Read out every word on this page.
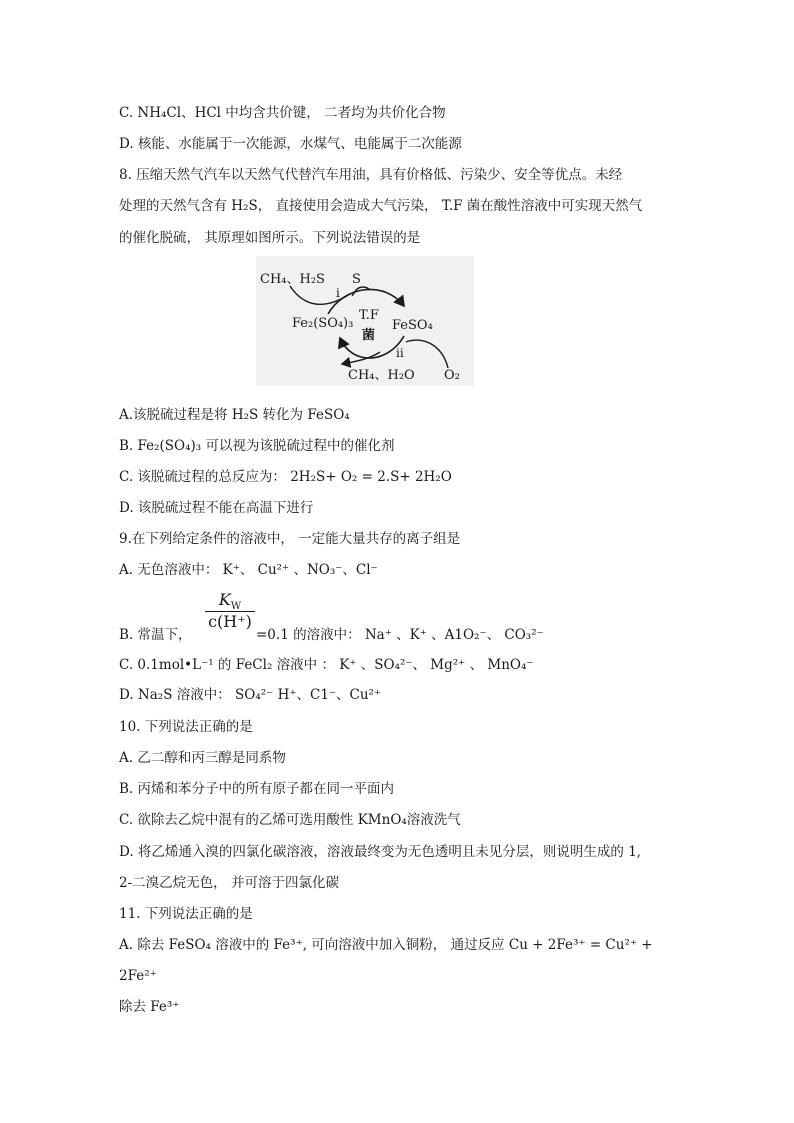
C. NH₄Cl、HCl 中均含共价键， 二者均为共价化合物
D. 核能、水能属于一次能源，水煤气、电能属于二次能源
8. 压缩天然气汽车以天然气代替汽车用油，具有价格低、污染少、安全等优点。未经
处理的天然气含有 H₂S， 直接使用会造成大气污染， T.F 菌在酸性溶液中可实现天然气
的催化脱硫， 其原理如图所示。下列说法错误的是
CH₄、H₂S S
i
Fe₂(SO₄)₃
T.F
菌
FeSO₄
ii
CH₄、H₂O O₂
A.该脱硫过程是将 H₂S 转化为 FeSO₄
B. Fe₂(SO₄)₃ 可以视为该脱硫过程中的催化剂
C. 该脱硫过程的总反应为： 2H₂S+ O₂ = 2.S+ 2H₂O
D. 该脱硫过程不能在高温下进行
9.在下列给定条件的溶液中， 一定能大量共存的离子组是
A. 无色溶液中： K⁺、 Cu²⁺ 、NO₃⁻、Cl⁻
$K_W$
c(H⁺)
B. 常温下，	=0.1 的溶液中： Na⁺ 、K⁺ 、A1O₂⁻、 CO₃²⁻
C. 0.1mol•L⁻¹ 的 FeCl₂ 溶液中 ： K⁺ 、SO₄²⁻、 Mg²⁺ 、 MnO₄⁻
D. Na₂S 溶液中： SO₄²⁻ H⁺、C1⁻、Cu²⁺
10. 下列说法正确的是
A. 乙二醇和丙三醇是同系物
B. 丙烯和苯分子中的所有原子都在同一平面内
C. 欲除去乙烷中混有的乙烯可选用酸性 KMnO₄溶液洗气
D. 将乙烯通入溴的四氯化碳溶液，溶液最终变为无色透明且未见分层，则说明生成的 1,
2-二溴乙烷无色， 并可溶于四氯化碳
11. 下列说法正确的是
A. 除去 FeSO₄ 溶液中的 Fe³⁺, 可向溶液中加入铜粉， 通过反应 Cu + 2Fe³⁺ = Cu²⁺ +
2Fe²⁺
除去 Fe³⁺
